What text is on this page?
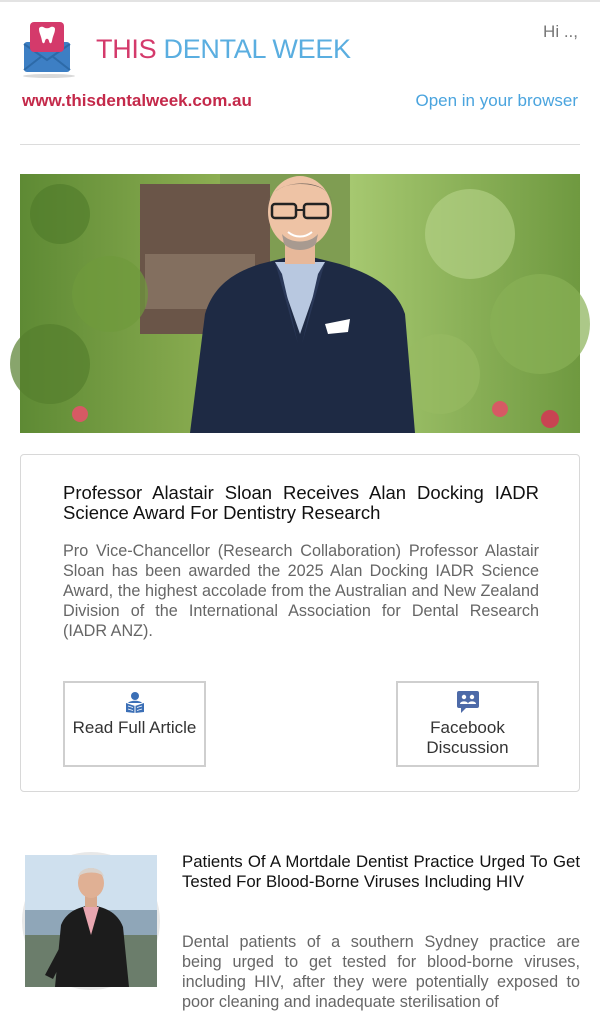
THIS DENTAL WEEK
Hi ..,
www.thisdentalweek.com.au	Open in your browser
Professor Alastair Sloan Receives Alan Docking IADR Science Award For Dentistry Research
Pro Vice-Chancellor (Research Collaboration) Professor Alastair Sloan has been awarded the 2025 Alan Docking IADR Science Award, the highest accolade from the Australian and New Zealand Division of the International Association for Dental Research (IADR ANZ).
Read Full Article	Facebook Discussion
Patients Of A Mortdale Dentist Practice Urged To Get Tested For Blood-Borne Viruses Including HIV
Dental patients of a southern Sydney practice are being urged to get tested for blood-borne viruses, including HIV, after they were potentially exposed to poor cleaning and inadequate sterilisation of
